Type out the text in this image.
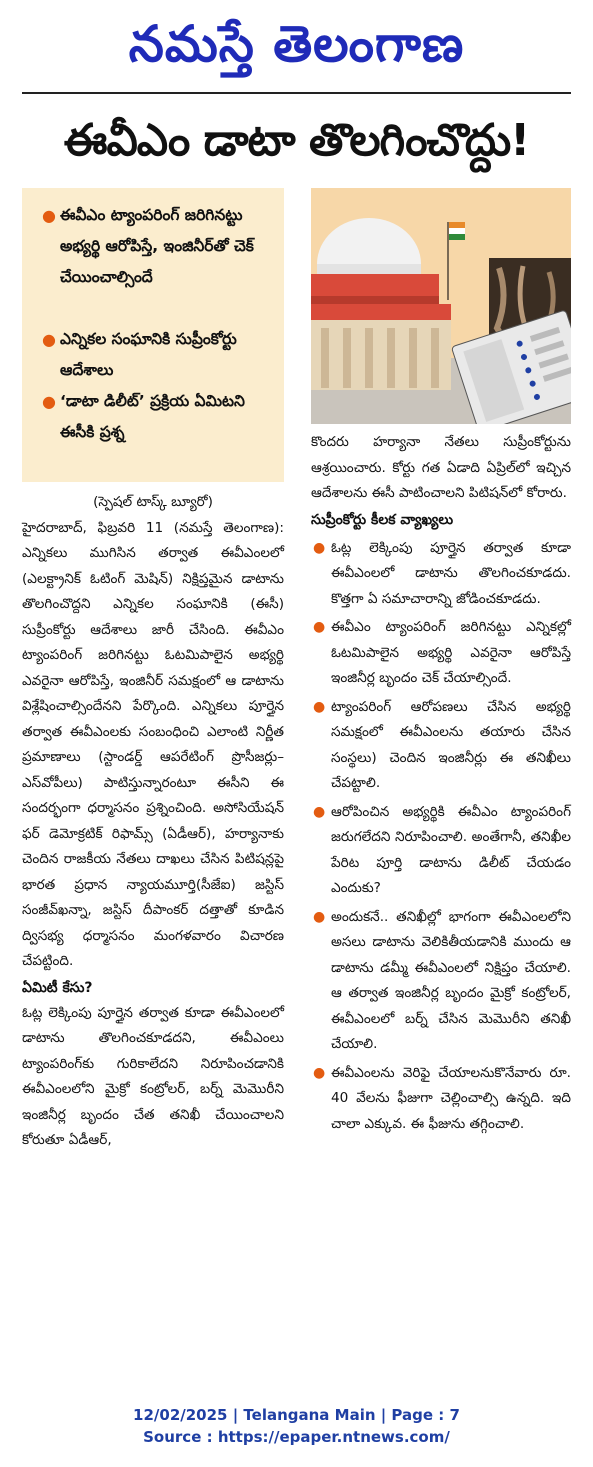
నమస్తే తెలంగాణ
ఈవీఎం డాటా తొలగించొద్దు!
● ఈవీఎం ట్యాంపరింగ్ జరిగినట్టు అభ్యర్థి ఆరోపిస్తే, ఇంజినీర్‌తో చెక్ చేయించాల్సిందే
● ఎన్నికల సంఘానికి సుప్రీంకోర్టు ఆదేశాలు
● ‘డాటా డిలీట్’ ప్రక్రియ ఏమిటని ఈసీకి ప్రశ్న

(స్పెషల్ టాస్క్ బ్యూరో)

హైదరాబాద్, ఫిబ్రవరి 11 (నమస్తే తెలంగాణ): ఎన్నికలు ముగిసిన తర్వాత ఈవీఎంలలో (ఎలక్ట్రానిక్ ఓటింగ్ మెషిన్) నిక్షిప్తమైన డాటాను తొలగించొద్దని ఎన్నికల సంఘానికి (ఈసీ) సుప్రీంకోర్టు ఆదేశాలు జారీ చేసింది. ఈవీఎం ట్యాంపరింగ్ జరిగినట్టు ఓటమిపాలైన అభ్యర్థి ఎవరైనా ఆరోపిస్తే, ఇంజినీర్ సమక్షంలో ఆ డాటాను విశ్లేషించాల్సిందేనని పేర్కొంది. ఎన్నికలు పూర్తైన తర్వాత ఈవీఎంలకు సంబంధించి ఎలాంటి నిర్ణీత ప్రమాణాలు (స్టాండర్డ్ ఆపరేటింగ్ ప్రొసీజర్లు–ఎస్‌వోపీలు) పాటిస్తున్నారంటూ ఈసీని ఈ సందర్భంగా ధర్మాసనం ప్రశ్నించింది. అసోసియేషన్ ఫర్ డెమోక్రటిక్ రిఫామ్స్ (ఏడీఆర్), హర్యానాకు చెందిన రాజకీయ నేతలు దాఖలు చేసిన పిటిషన్లపై భారత ప్రధాన న్యాయమూర్తి(సీజేఐ) జస్టిస్ సంజీవ్‌ఖన్నా, జస్టిస్ దీపాంకర్ దత్తాతో కూడిన ద్విసభ్య ధర్మాసనం మంగళవారం విచారణ చేపట్టింది.

ఏమిటీ కేసు?

ఓట్ల లెక్కింపు పూర్తైన తర్వాత కూడా ఈవీఎంలలో డాటాను తొలగించకూడదని, ఈవీఎంలు ట్యాంపరింగ్‌కు గురికాలేదని నిరూపించడానికి ఈవీఎంలలోని మైక్రో కంట్రోలర్, బర్న్ మెమొరీని ఇంజినీర్ల బృందం చేత తనిఖీ చేయించాలని కోరుతూ ఏడీఆర్,

కొందరు హర్యానా నేతలు సుప్రీంకోర్టును ఆశ్రయించారు. కోర్టు గత ఏడాది ఏప్రిల్‌లో ఇచ్చిన ఆదేశాలను ఈసీ పాటించాలని పిటిషన్‌లో కోరారు.

సుప్రీంకోర్టు కీలక వ్యాఖ్యలు

● ఓట్ల లెక్కింపు పూర్తైన తర్వాత కూడా ఈవీఎంలలో డాటాను తొలగించకూడదు. కొత్తగా ఏ సమాచారాన్ని జోడించకూడదు.
● ఈవీఎం ట్యాంపరింగ్ జరిగినట్టు ఎన్నికల్లో ఓటమిపాలైన అభ్యర్థి ఎవరైనా ఆరోపిస్తే ఇంజినీర్ల బృందం చెక్ చేయాల్సిందే.
● ట్యాంపరింగ్ ఆరోపణలు చేసిన అభ్యర్థి సమక్షంలో ఈవీఎంలను తయారు చేసిన సంస్థలు) చెందిన ఇంజినీర్లు ఈ తనిఖీలు చేపట్టాలి.
● ఆరోపించిన అభ్యర్థికి ఈవీఎం ట్యాంపరింగ్ జరుగలేదని నిరూపించాలి. అంతేగానీ, తనిఖీల పేరిట పూర్తి డాటాను డిలీట్ చేయడం ఎందుకు?
● అందుకనే.. తనిఖీల్లో భాగంగా ఈవీఎంలలోని అసలు డాటాను వెలికితీయడానికి ముందు ఆ డాటాను డమ్మీ ఈవీఎంలలో నిక్షిప్తం చేయాలి. ఆ తర్వాత ఇంజినీర్ల బృందం మైక్రో కంట్రోలర్, ఈవీఎంలలో బర్న్ చేసిన మెమొరీని తనిఖీ చేయాలి.
● ఈవీఎంలను వెరిఫై చేయాలనుకొనేవారు రూ. 40 వేలను ఫీజుగా చెల్లించాల్సి ఉన్నది. ఇది చాలా ఎక్కువ. ఈ ఫీజును తగ్గించాలి.
12/02/2025 | Telangana Main | Page : 7
Source : https://epaper.ntnews.com/
